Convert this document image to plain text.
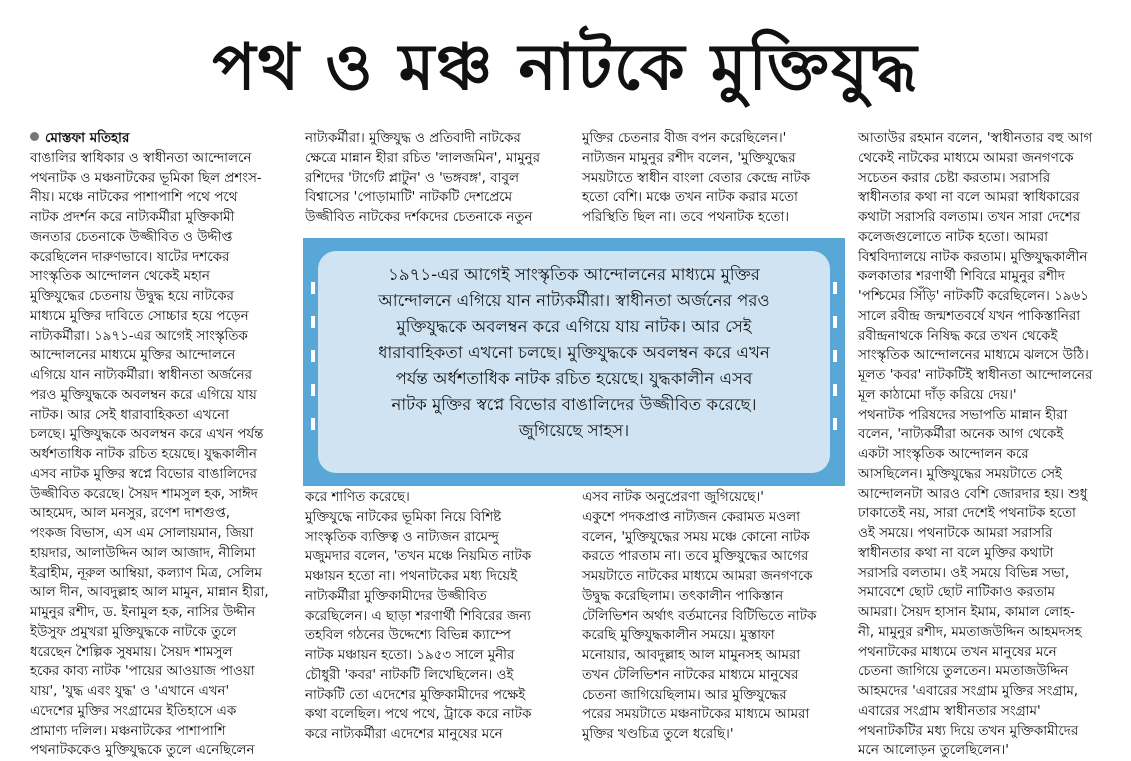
পথ ও মঞ্চ নাটকে মুক্তিযুদ্ধ

মোস্তফা মতিহার

বাঙালির স্বাধিকার ও স্বাধীনতা আন্দোলনে

পথনাটক ও মঞ্চনাটকের ভূমিকা ছিল প্রশংস-

নীয়। মঞ্চে নাটকের পাশাপাশি পথে পথে

নাটক প্রদর্শন করে নাট্যকর্মীরা মুক্তিকামী

জনতার চেতনাকে উজ্জীবিত ও উদ্দীপ্ত

করেছিলেন দারুণভাবে। ষাটের দশকের

সাংস্কৃতিক আন্দোলন থেকেই মহান

মুক্তিযুদ্ধের চেতনায় উদ্বুদ্ধ হয়ে নাটকের

মাধ্যমে মুক্তির দাবিতে সোচ্চার হয়ে পড়েন

নাট্যকর্মীরা। ১৯৭১-এর আগেই সাংস্কৃতিক

আন্দোলনের মাধ্যমে মুক্তির আন্দোলনে

এগিয়ে যান নাট্যকর্মীরা। স্বাধীনতা অর্জনের

পরও মুক্তিযুদ্ধকে অবলম্বন করে এগিয়ে যায়

নাটক। আর সেই ধারাবাহিকতা এখনো

চলছে। মুক্তিযুদ্ধকে অবলম্বন করে এখন পর্যন্ত

অর্ধশতাধিক নাটক রচিত হয়েছে। যুদ্ধকালীন

এসব নাটক মুক্তির স্বপ্নে বিভোর বাঙালিদের

উজ্জীবিত করেছে। সৈয়দ শামসুল হক, সাঈদ

আহমেদ, আল মনসুর, রণেশ দাশগুপ্ত,

পংকজ বিভাস, এস এম সোলায়মান, জিয়া

হায়দার, আলাউদ্দিন আল আজাদ, নীলিমা

ইব্রাহীম, নূরুল আম্বিয়া, কল্যাণ মিত্র, সেলিম

আল দীন, আবদুল্লাহ আল মামুন, মান্নান হীরা,

মামুনুর রশীদ, ড. ইনামুল হক, নাসির উদ্দীন

ইউসুফ প্রমুখরা মুক্তিযুদ্ধকে নাটকে তুলে

ধরেছেন শৈল্পিক সুষমায়। সৈয়দ শামসুল

হকের কাব্য নাটক 'পায়ের আওয়াজ পাওয়া

যায়', 'যুদ্ধ এবং যুদ্ধ' ও 'এখানে এখন'

এদেশের মুক্তির সংগ্রামের ইতিহাসে এক

প্রামাণ্য দলিল। মঞ্চনাটকের পাশাপাশি

পথনাটককেও মুক্তিযুদ্ধকে তুলে এনেছিলেন

নাট্যকর্মীরা। মুক্তিযুদ্ধ ও প্রতিবাদী নাটকের

ক্ষেত্রে মান্নান হীরা রচিত 'লালজমিন', মামুনুর

রশিদের 'টার্গেট প্লাটুন' ও 'ভঙ্গবঙ্গ', বাবুল

বিশ্বাসের 'পোড়ামাটি' নাটকটি দেশপ্রেমে

উজ্জীবিত নাটকের দর্শকদের চেতনাকে নতুন

মুক্তির চেতনার বীজ বপন করেছিলেন।'

নাট্যজন মামুনুর রশীদ বলেন, 'মুক্তিযুদ্ধের

সময়টাতে স্বাধীন বাংলা বেতার কেন্দ্রে নাটক

হতো বেশি। মঞ্চে তখন নাটক করার মতো

পরিস্থিতি ছিল না। তবে পথনাটক হতো।

১৯৭১-এর আগেই সাংস্কৃতিক আন্দোলনের মাধ্যমে মুক্তির

আন্দোলনে এগিয়ে যান নাট্যকর্মীরা। স্বাধীনতা অর্জনের পরও

মুক্তিযুদ্ধকে অবলম্বন করে এগিয়ে যায় নাটক। আর সেই

ধারাবাহিকতা এখনো চলছে। মুক্তিযুদ্ধকে অবলম্বন করে এখন

পর্যন্ত অর্ধশতাধিক নাটক রচিত হয়েছে। যুদ্ধকালীন এসব

নাটক মুক্তির স্বপ্নে বিভোর বাঙালিদের উজ্জীবিত করেছে।

জুগিয়েছে সাহস।

করে শাণিত করেছে।

মুক্তিযুদ্ধে নাটকের ভূমিকা নিয়ে বিশিষ্ট

সাংস্কৃতিক ব্যক্তিত্ব ও নাট্যজন রামেন্দু

মজুমদার বলেন, 'তখন মঞ্চে নিয়মিত নাটক

মঞ্চায়ন হতো না। পথনাটকের মধ্য দিয়েই

নাট্যকর্মীরা মুক্তিকামীদের উজ্জীবিত

করেছিলেন। এ ছাড়া শরণার্থী শিবিরের জন্য

তহবিল গঠনের উদ্দেশ্যে বিভিন্ন ক্যাম্পে

নাটক মঞ্চায়ন হতো। ১৯৫৩ সালে মুনীর

চৌধুরী 'কবর' নাটকটি লিখেছিলেন। ওই

নাটকটি তো এদেশের মুক্তিকামীদের পক্ষেই

কথা বলেছিল। পথে পথে, ট্রাকে করে নাটক

করে নাট্যকর্মীরা এদেশের মানুষের মনে

এসব নাটক অনুপ্রেরণা জুগিয়েছে।'

একুশে পদকপ্রাপ্ত নাট্যজন কেরামত মওলা

বলেন, 'মুক্তিযুদ্ধের সময় মঞ্চে কোনো নাটক

করতে পারতাম না। তবে মুক্তিযুদ্ধের আগের

সময়টাতে নাটকের মাধ্যমে আমরা জনগণকে

উদ্বুদ্ধ করেছিলাম। তৎকালীন পাকিস্তান

টেলিভিশন অর্থাৎ বর্তমানের বিটিভিতে নাটক

করেছি মুক্তিযুদ্ধকালীন সময়ে। মুস্তাফা

মনোয়ার, আবদুল্লাহ আল মামুনসহ আমরা

তখন টেলিভিশন নাটকের মাধ্যমে মানুষের

চেতনা জাগিয়েছিলাম। আর মুক্তিযুদ্ধের

পরের সময়টাতে মঞ্চনাটকের মাধ্যমে আমরা

মুক্তির খণ্ডচিত্র তুলে ধরেছি।'

আতাউর রহমান বলেন, 'স্বাধীনতার বহু আগ

থেকেই নাটকের মাধ্যমে আমরা জনগণকে

সচেতন করার চেষ্টা করতাম। সরাসরি

স্বাধীনতার কথা না বলে আমরা স্বাধিকারের

কথাটা সরাসরি বলতাম। তখন সারা দেশের

কলেজগুলোতে নাটক হতো। আমরা

বিশ্ববিদ্যালয়ে নাটক করতাম। মুক্তিযুদ্ধকালীন

কলকাতার শরণার্থী শিবিরে মামুনুর রশীদ

'পশ্চিমের সিঁড়ি' নাটকটি করেছিলেন। ১৯৬১

সালে রবীন্দ্র জন্মশতবর্ষে যখন পাকিস্তানিরা

রবীন্দ্রনাথকে নিষিদ্ধ করে তখন থেকেই

সাংস্কৃতিক আন্দোলনের মাধ্যমে ঝলসে উঠি।

মূলত 'কবর' নাটকটিই স্বাধীনতা আন্দোলনের

মূল কাঠামো দাঁড় করিয়ে দেয়।'

পথনাটক পরিষদের সভাপতি মান্নান হীরা

বলেন, 'নাট্যকর্মীরা অনেক আগ থেকেই

একটা সাংস্কৃতিক আন্দোলন করে

আসছিলেন। মুক্তিযুদ্ধের সময়টাতে সেই

আন্দোলনটা আরও বেশি জোরদার হয়। শুধু

ঢাকাতেই নয়, সারা দেশেই পথনাটক হতো

ওই সময়ে। পথনাটকে আমরা সরাসরি

স্বাধীনতার কথা না বলে মুক্তির কথাটা

সরাসরি বলতাম। ওই সময়ে বিভিন্ন সভা,

সমাবেশে ছোট ছোট নাটিকাও করতাম

আমরা। সৈয়দ হাসান ইমাম, কামাল লোহ-

নী, মামুনুর রশীদ, মমতাজউদ্দিন আহমদসহ

পথনাটকের মাধ্যমে তখন মানুষের মনে

চেতনা জাগিয়ে তুলতেন। মমতাজউদ্দিন

আহমদের 'এবারের সংগ্রাম মুক্তির সংগ্রাম,

এবারের সংগ্রাম স্বাধীনতার সংগ্রাম'

পথনাটকটির মধ্য দিয়ে তখন মুক্তিকামীদের

মনে আলোড়ন তুলেছিলেন।'
